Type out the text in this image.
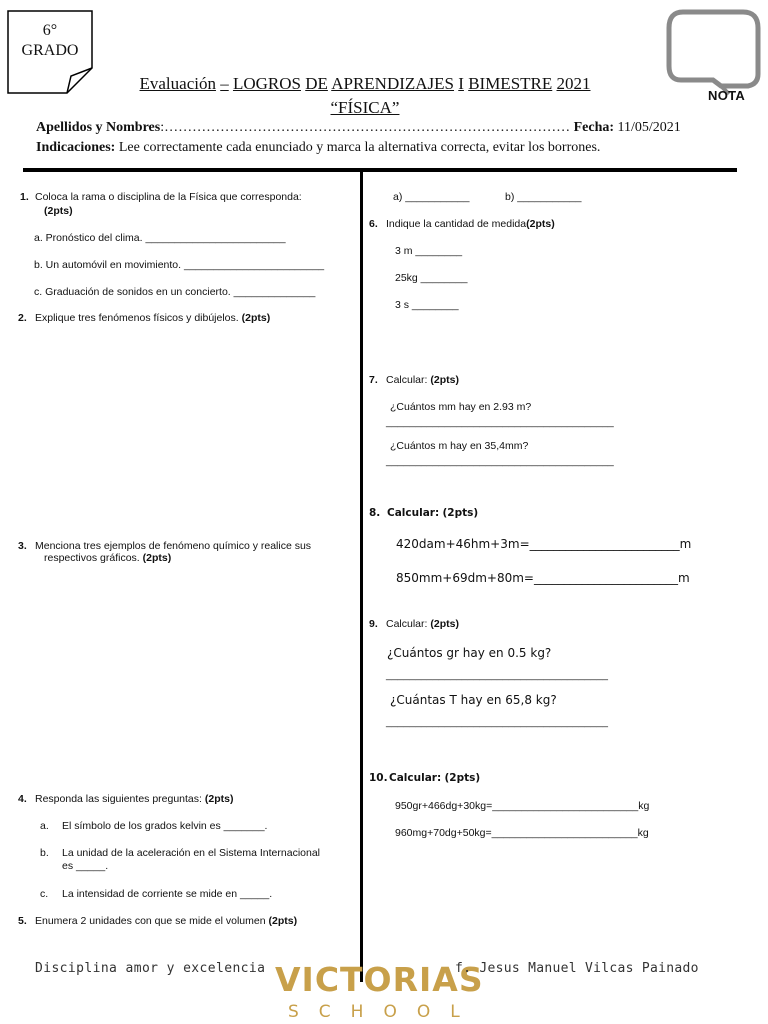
6°
GRADO
NOTA
Evaluación – LOGROS DE APRENDIZAJES I BIMESTRE 2021
“FÍSICA”
Apellidos y Nombres:…………………………………………………………………………… Fecha: 11/05/2021
Indicaciones: Lee correctamente cada enunciado y marca la alternativa correcta, evitar los borrones.
1. Coloca la rama o disciplina de la Física que corresponda:
(2pts)
a. Pronóstico del clima. ________________________
b. Un automóvil en movimiento. ________________________
c. Graduación de sonidos en un concierto. ______________
2. Explique tres fenómenos físicos y dibújelos. (2pts)
3. Menciona tres ejemplos de fenómeno químico y realice sus
respectivos gráficos. (2pts)
4. Responda las siguientes preguntas: (2pts)
a. El símbolo de los grados kelvin es _______.
b. La unidad de la aceleración en el Sistema Internacional
es _____.
c. La intensidad de corriente se mide en _____.
5. Enumera 2 unidades con que se mide el volumen (2pts)
a) ___________	b) ___________
6. Indique la cantidad de medida(2pts)
3 m ________
25kg ________
3 s ________
7. Calcular: (2pts)
¿Cuántos mm hay en 2.93 m?
_______________________________________
¿Cuántos m hay en 35,4mm?
_______________________________________
8. Calcular: (2pts)
420dam+46hm+3m=_________________________m
850mm+69dm+80m=________________________m
9. Calcular: (2pts)
¿Cuántos gr hay en 0.5 kg?
______________________________________
¿Cuántas T hay en 65,8 kg?
______________________________________
10. Calcular: (2pts)
950gr+466dg+30kg=_________________________kg
960mg+70dg+50kg=_________________________kg
Disciplina amor y excelencia VICTORIAS
SCHOOL
f. Jesus Manuel Vilcas Painado
